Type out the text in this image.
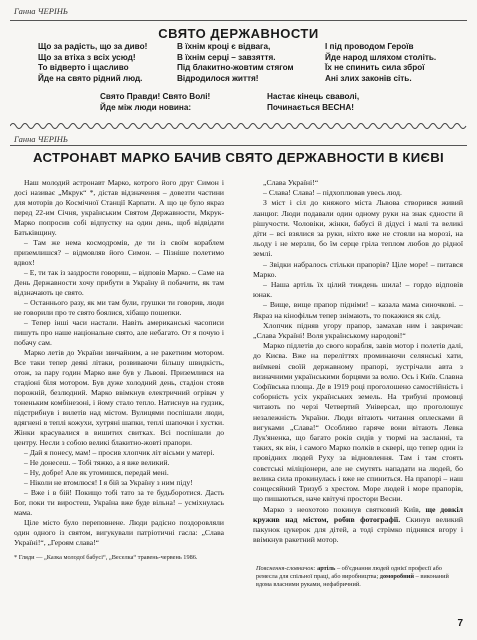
Ганна ЧЕРІНЬ
СВЯТО ДЕРЖАВНОСТИ
Що за радість, що за диво!
Що за втіха з всіх усюд!
То відверто і щасливо
Йде на свято рідний люд.
В їхнім кроці є відвага,
В їхнім серці – завзяття.
Під блакитно-жовтим стягом
Відродилося життя!
І під проводом Героїв
Йде народ шляхом століть.
Їх не спинить сила зброї
Ані злих законів сіть.
Свято Правди! Свято Волі!
Йде між люди новина:
Настає кінець сваволі,
Починається ВЕСНА!
Ганна ЧЕРІНЬ
АСТРОНАВТ МАРКО БАЧИВ СВЯТО ДЕРЖАВНОСТИ В КИЄВІ

Наш молодий астронавт Марко, котрого його друг Симон і досі називає „Мкрук“ *, дістав відзначення – довезти частини для моторів до Космічної Станції Карпати. А що це було якраз перед 22-им Січня, українським Святом Державности, Мкрук-Марко попросив собі відпустку на один день, щоб відвідати Батьківщину.

– Там же нема космодромів, де ти із своїм кораблем приземлишся? – відмовляв його Симон. – Пізніше полетимо вдвох!

– Е, ти так із заздрости говориш, – відповів Марко. – Саме на День Державности хочу прибути в Україну й побачити, як там відзначають це свято.

– Останнього разу, як ми там були, грушки ти говорив, люди не говорили про те свято боялися, хібащо пошепки.

– Тепер інші часи настали. Навіть американські часописи пишуть про наше національне свято, але небагато. От я почую і побачу сам.

Марко летів до України звичайним, а не ракетним мотором. Все таки тепер деякі літаки, розвиваючи більшу швидкість, отож, за пару годин Марко вже був у Львові. Приземлився на стадіоні біля мотором. Був дуже холодний день, стадіон стояв порожній, безлюдний. Марко ввімкнув електричний огрівач у тоненьким комбінезоні, і йому стало тепло. Натиснув на гудзик, підстрибнув і вилетів над містом. Вулицями поспішали люди, вдягнені в теплі кожухи, хутряні шапки, теплі шапочки і хустки. Жінки красувалися в вишитих свитках. Всі поспішали до центру. Несли з собою великі блакитно-жовті прапори.

– Дай я понесу, мам! – просив хлопчик літ вісьми у матері.

– Не донесеш. – Тобі тяжко, а я вже великий.

– Ну, добре! Але як утомишся, передай мені.

– Ніколи не втомлюся! І я бій за Україну з ним піду!

– Вже і в бій! Покищо тобі тато за те будьборотися. Дасть Бог, поки ти виростеш, Україна вже буде вільна! – усміхнулась мама.

Ціле місто було переповнене. Люди радісно поздоровляли один одного із святом, вигукували патріотичні гасла: „Слава Україні!“, „Героям слава!“

„Слава Україні!“

– Слава! Слава! – підхоплював увесь люд.

З міст і сіл до княжого міста Львова створився живий ланцюг. Люди подавали один одному руки на знак єдности й рішучости. Чоловіки, жінки, бабусі й дідусі і малі та великі діти – всі взялися за руки, ніхто вже не стояли на морозі, на льоду і не мерзли, бо їм серце гріла теплом любов до рідної землі.

– Звідки набралось стільки прапорів? Ціле море! – питався Марко.

– Наша артіль їх цілий тиждень шила! – гордо відповів юнак.

– Вище, вище прапор підніми! – казала мама синочкові. – Якраз на кінофільм тепер знімають, то покажися як слід.

Хлопчик підняв угору прапор, замахав ним і закричав: „Слава Україні! Воля українському народові!“

Марко підлетів до свого корабля, завів мотор і полетів далі, до Києва. Вже на переліттях проминаючи селянські хати, виїмкеві своїй державному прапорі, зустрічали авта з визначними українськими борцями за волю. Ось і Київ. Славна Софіївська площа. Де в 1919 році проголошено самостійність і соборність усіх українських земель. На трибуні промовці читають по черзі Четвертий Універсал, що проголошує незалежність України. Люди вітають читання оплесками й вигуками „Слава!“ Особливо гаряче вони вітають Левка Лук'яненка, що багато років сидів у тюрмі на засланні, та таких, як він, і самого Марко полків в сквері, що тепер один із провідних людей Руху за відновлення. Там і там стоять совєтські міліціонери, але не смутять нападати на людей, бо велика сила прокинулась і вже не спиниться. На прапорі – наш сонцесяйний Тризуб з хрестом. Море людей і море прапорів, що пишаються, наче квітучі простори Весни.

Марко з неохотою покинув святковий Київ, ще довкіл кружив над містом, робив фотографії. Скинув великий пакунок цукерок для дітей, а тоді стрімко піднявся вгору і ввімкнув ракетний мотор.

* Гляди — „Казка молодої бабусі“, „Веселка“ травень-червень 1986.
Пояснення-словничок: артіль – об'єднання людей однієї професії або ремесла для спільної праці, або виробництва; доморобний – виконаний вдома власними руками, нефабричний.
7
